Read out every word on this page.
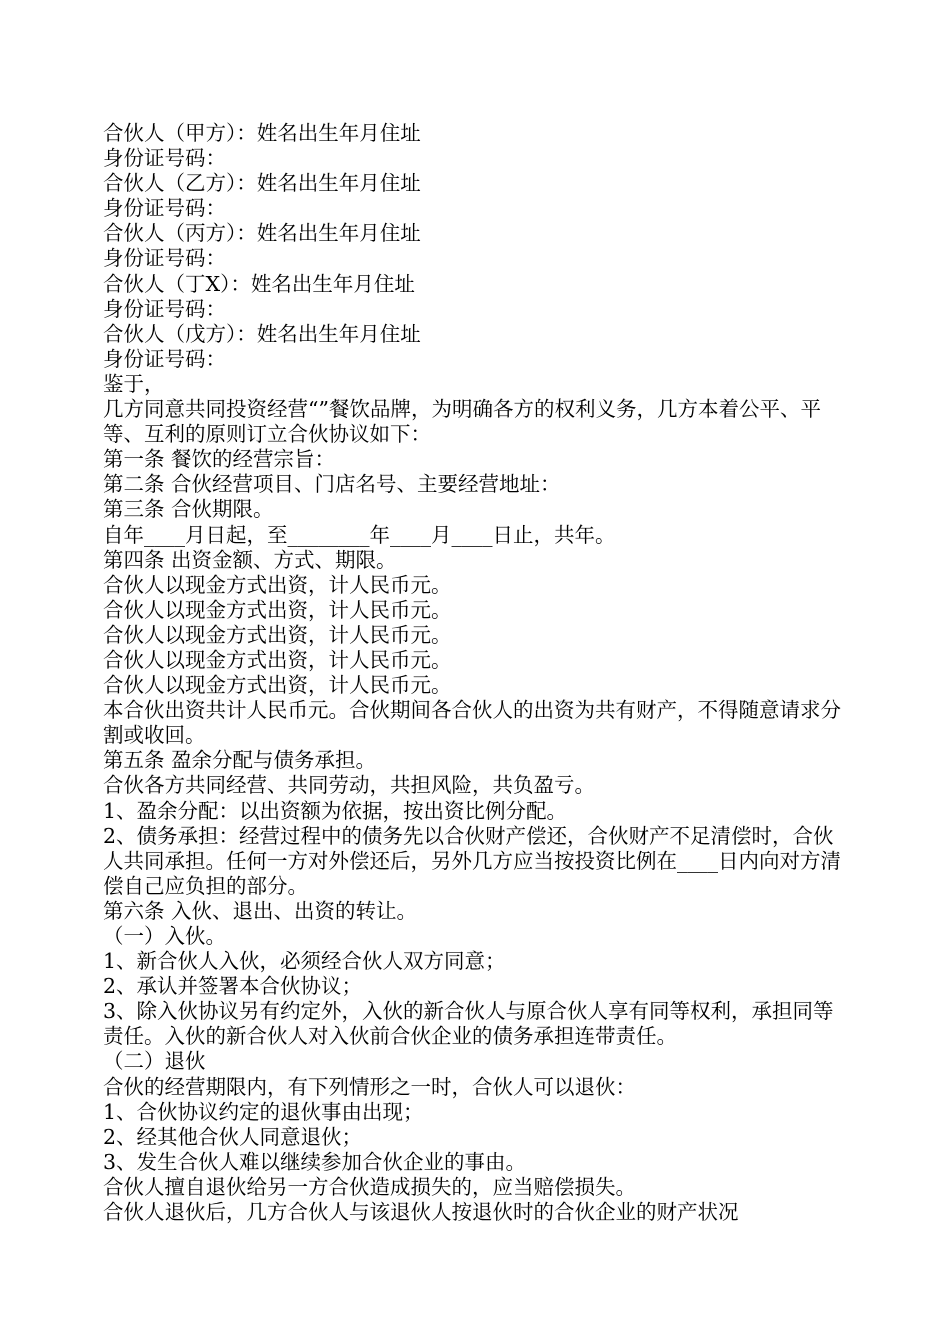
合伙人（甲方）：姓名出生年月住址

身份证号码：

合伙人（乙方）：姓名出生年月住址

身份证号码：

合伙人（丙方）：姓名出生年月住址

身份证号码：

合伙人（丁X）：姓名出生年月住址

身份证号码：

合伙人（戊方）：姓名出生年月住址

身份证号码：

鉴于，

几方同意共同投资经营“”餐饮品牌，为明确各方的权利义务，几方本着公平、平等、互利的原则订立合伙协议如下：

第一条 餐饮的经营宗旨：

第二条 合伙经营项目、门店名号、主要经营地址：

第三条 合伙期限。

自年____月日起，至________年____月____日止，共年。

第四条 出资金额、方式、期限。

合伙人以现金方式出资，计人民币元。

合伙人以现金方式出资，计人民币元。

合伙人以现金方式出资，计人民币元。

合伙人以现金方式出资，计人民币元。

合伙人以现金方式出资，计人民币元。

本合伙出资共计人民币元。合伙期间各合伙人的出资为共有财产，不得随意请求分割或收回。

第五条 盈余分配与债务承担。

合伙各方共同经营、共同劳动，共担风险，共负盈亏。

1、盈余分配：以出资额为依据，按出资比例分配。

2、债务承担：经营过程中的债务先以合伙财产偿还，合伙财产不足清偿时，合伙人共同承担。任何一方对外偿还后，另外几方应当按投资比例在____日内向对方清偿自己应负担的部分。

第六条 入伙、退出、出资的转让。

（一）入伙。

1、新合伙人入伙，必须经合伙人双方同意；

2、承认并签署本合伙协议；

3、除入伙协议另有约定外，入伙的新合伙人与原合伙人享有同等权利，承担同等责任。入伙的新合伙人对入伙前合伙企业的债务承担连带责任。

（二）退伙

合伙的经营期限内，有下列情形之一时，合伙人可以退伙：

1、合伙协议约定的退伙事由出现；

2、经其他合伙人同意退伙；

3、发生合伙人难以继续参加合伙企业的事由。

合伙人擅自退伙给另一方合伙造成损失的，应当赔偿损失。

合伙人退伙后，几方合伙人与该退伙人按退伙时的合伙企业的财产状况
